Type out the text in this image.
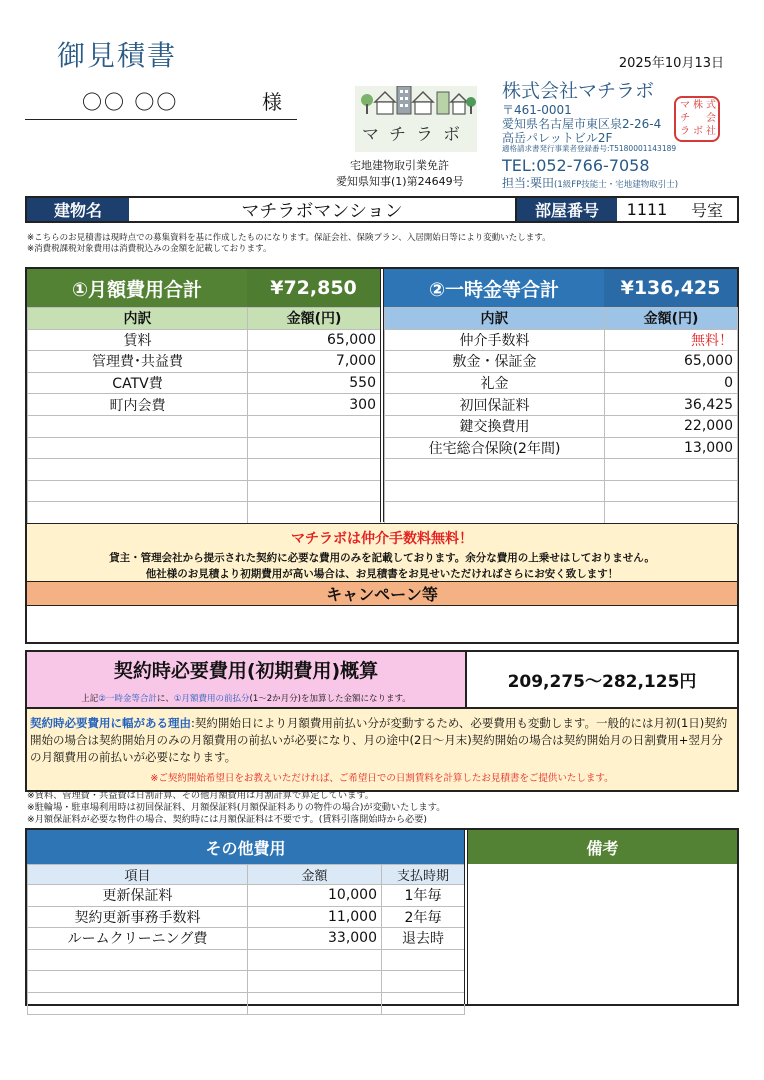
御見積書	2025年10月13日
〇〇 〇〇	様
マチラボ
宅地建物取引業免許
愛知県知事(1)第24649号
株式会社マチラボ
〒461-0001
愛知県名古屋市東区泉2-26-4
高岳パレットビル2F
適格請求書発行事業者登録番号:T5180001143189
TEL:052-766-7058
担当:栗田(1級FP技能士・宅地建物取引士)
マ 株 式
チ 会
ラ ボ 社
建物名	マチラボマンション	部屋番号	1111	号室
※こちらのお見積書は現時点での募集資料を基に作成したものになります。保証会社、保険プラン、入居開始日等により変動いたします。
※消費税課税対象費用は消費税込みの金額を記載しております。
①月額費用合計	¥72,850
内訳	金額(円)
賃料	65,000
管理費･共益費	7,000
CATV費	550
町内会費	300

②一時金等合計	¥136,425
内訳	金額(円)
仲介手数料	無料！
敷金・保証金	65,000
礼金	0
初回保証料	36,425
鍵交換費用	22,000
住宅総合保険(2年間)	13,000

マチラボは仲介手数料無料！
貸主・管理会社から提示された契約に必要な費用のみを記載しております。余分な費用の上乗せはしておりません。
他社様のお見積より初期費用が高い場合は、お見積書をお見せいただければさらにお安く致します！
キャンペーン等
契約時必要費用(初期費用)概算
上記②一時金等合計に、①月額費用の前払分(1〜2か月分)を加算した金額になります。
209,275〜282,125円
契約時必要費用に幅がある理由:契約開始日により月額費用前払い分が変動するため、必要費用も変動します。一般的には月初(1日)契約開始の場合は契約開始月のみの月額費用の前払いが必要になり、月の途中(2日〜月末)契約開始の場合は契約開始月の日割費用+翌月分の月額費用の前払いが必要になります。
※ご契約開始希望日をお教えいただければ、ご希望日での日割賃料を計算したお見積書をご提供いたします。
※賃料、管理費・共益費は日割計算、その他月額費用は月割計算で算定しています。
※駐輪場・駐車場利用時は初回保証料、月額保証料(月額保証料ありの物件の場合)が変動いたします。
※月額保証料が必要な物件の場合、契約時には月額保証料は不要です。(賃料引落開始時から必要)
その他費用
項目	金額	支払時期
更新保証料	10,000	1年毎
契約更新事務手数料	11,000	2年毎
ルームクリーニング費	33,000	退去時

備考
